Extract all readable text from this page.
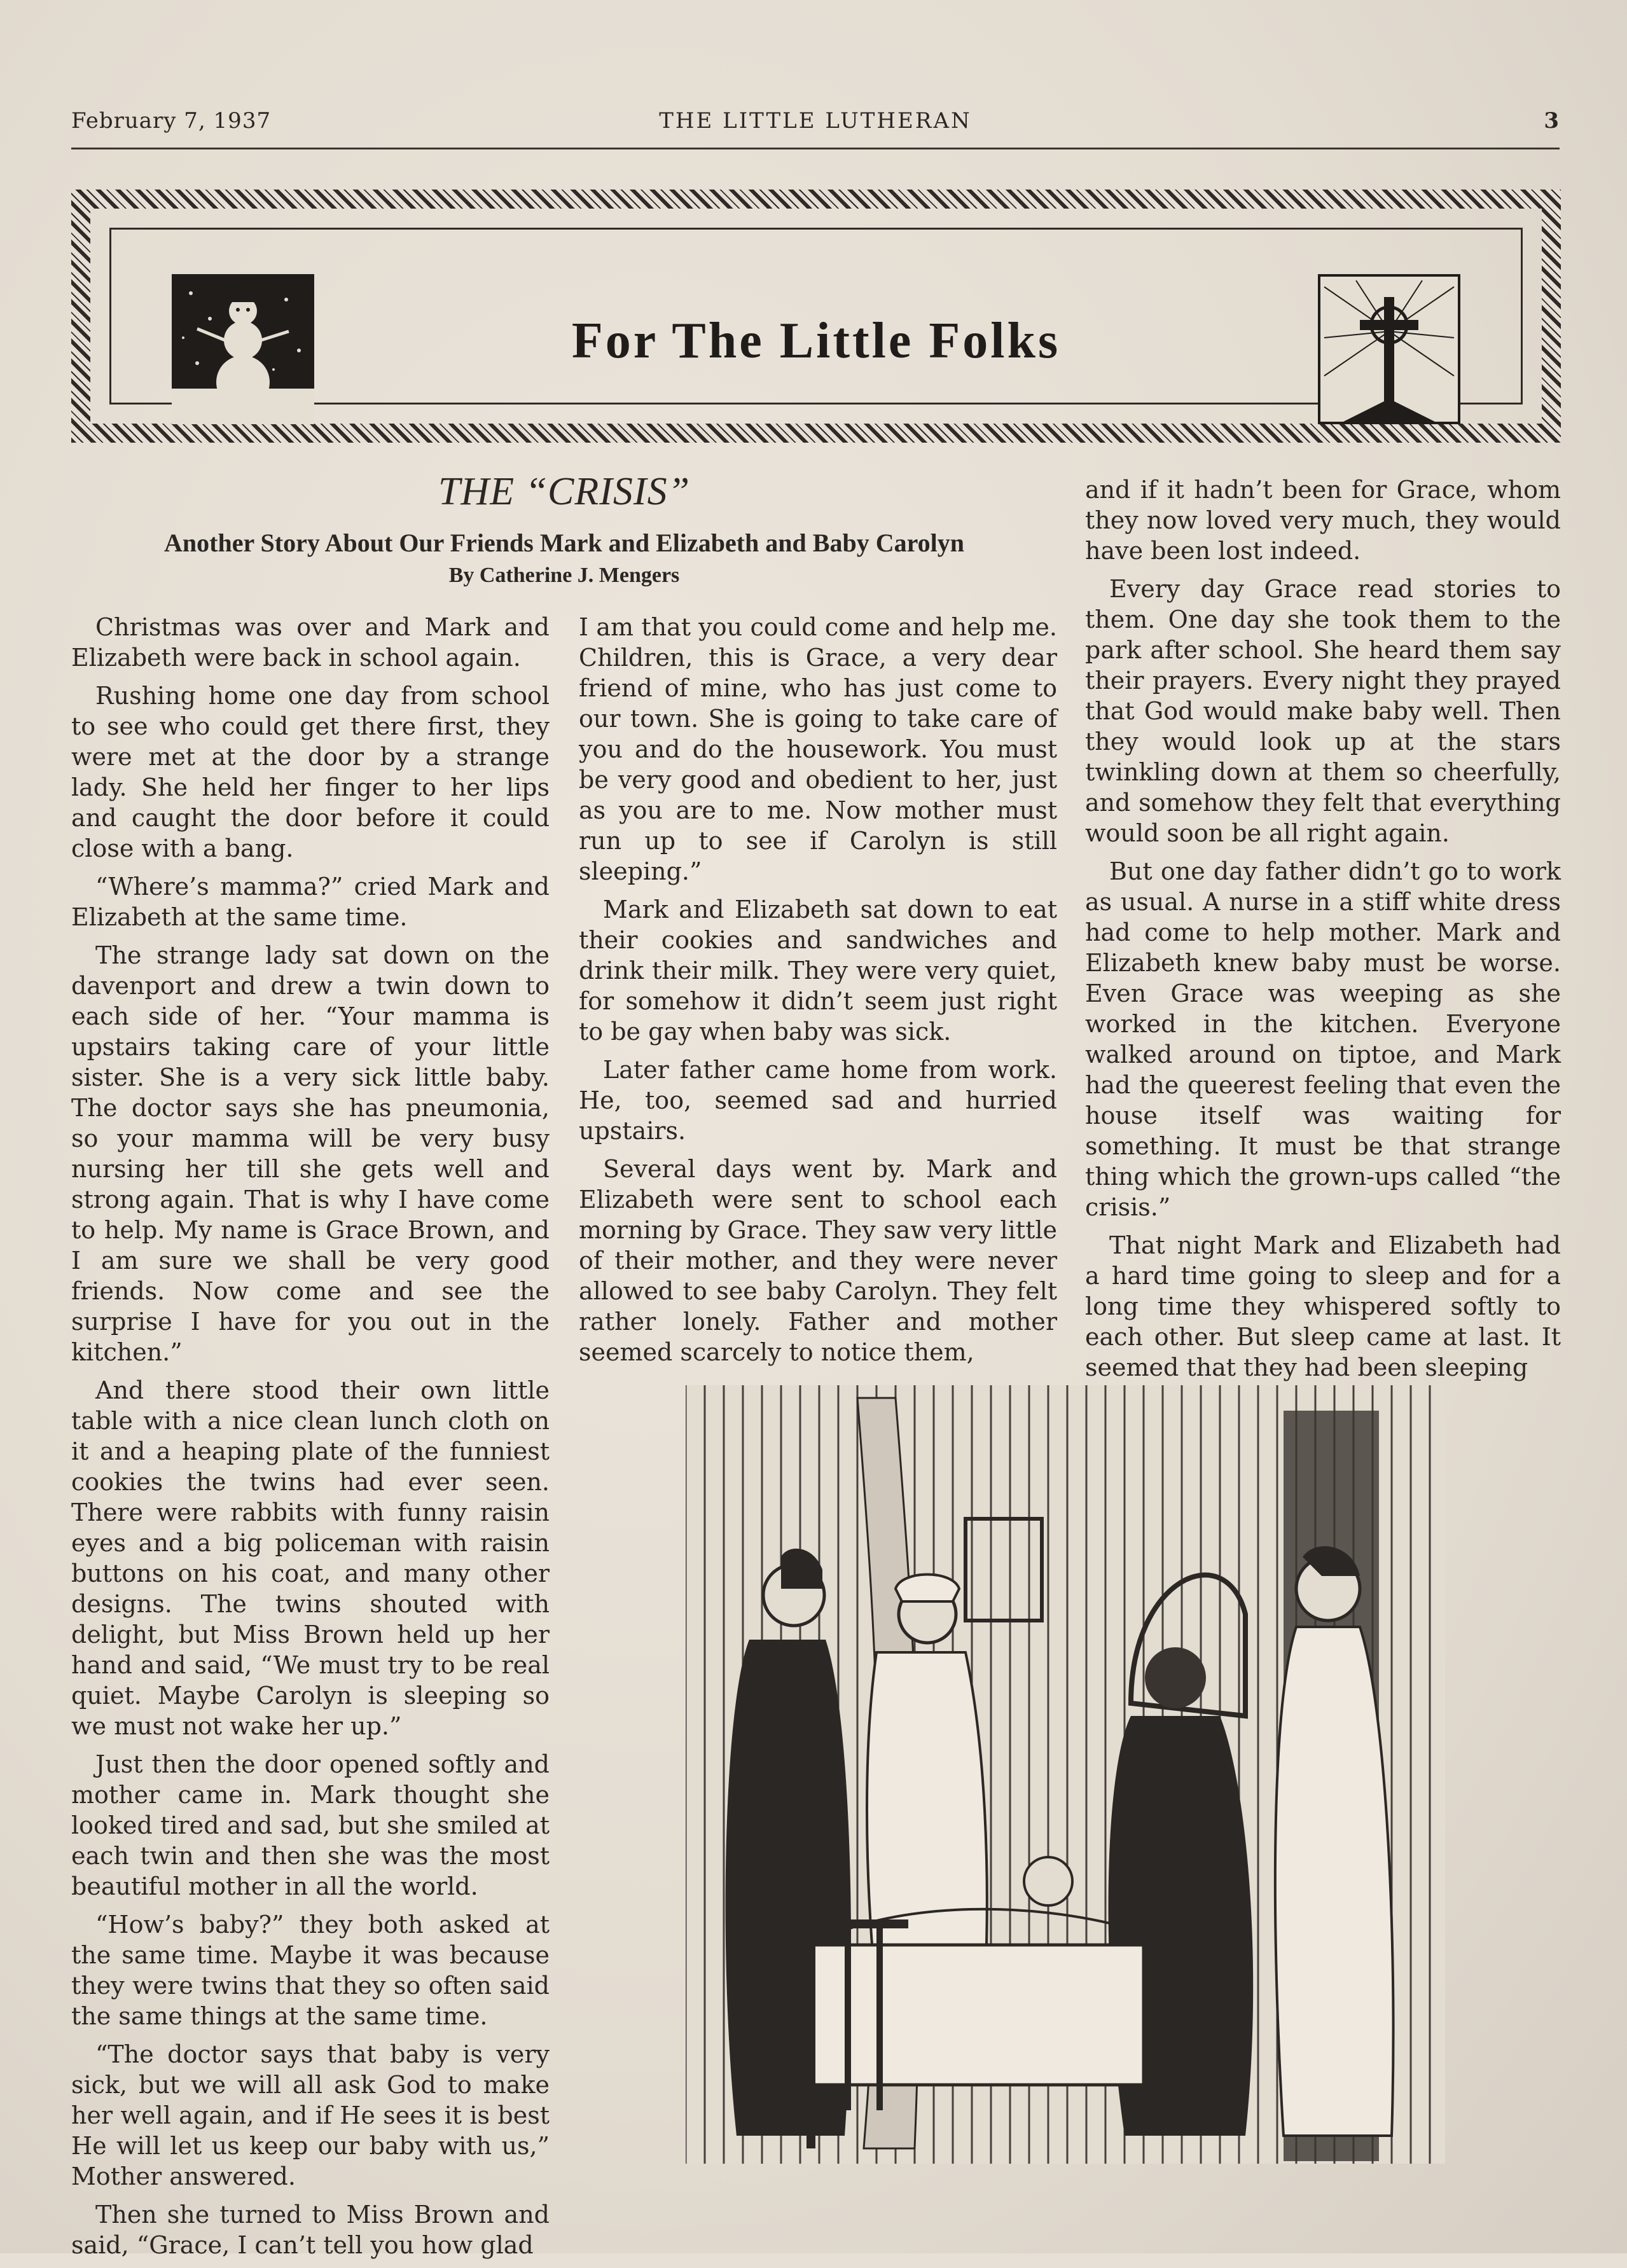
February 7, 1937	THE LITTLE LUTHERAN	3
For The Little Folks
THE “CRISIS”
Another Story About Our Friends Mark and Elizabeth and Baby Carolyn
By Catherine J. Mengers

Christmas was over and Mark and Elizabeth were back in school again.

Rushing home one day from school to see who could get there first, they were met at the door by a strange lady. She held her finger to her lips and caught the door before it could close with a bang.

“Where’s mamma?” cried Mark and Elizabeth at the same time.

The strange lady sat down on the davenport and drew a twin down to each side of her. “Your mamma is upstairs taking care of your little sister. She is a very sick little baby. The doctor says she has pneumonia, so your mamma will be very busy nursing her till she gets well and strong again. That is why I have come to help. My name is Grace Brown, and I am sure we shall be very good friends. Now come and see the surprise I have for you out in the kitchen.”

And there stood their own little table with a nice clean lunch cloth on it and a heaping plate of the funniest cookies the twins had ever seen. There were rabbits with funny raisin eyes and a big policeman with raisin buttons on his coat, and many other designs. The twins shouted with delight, but Miss Brown held up her hand and said, “We must try to be real quiet. Maybe Carolyn is sleeping so we must not wake her up.”

Just then the door opened softly and mother came in. Mark thought she looked tired and sad, but she smiled at each twin and then she was the most beautiful mother in all the world.

“How’s baby?” they both asked at the same time. Maybe it was because they were twins that they so often said the same things at the same time.

“The doctor says that baby is very sick, but we will all ask God to make her well again, and if He sees it is best He will let us keep our baby with us,” Mother answered.

Then she turned to Miss Brown and said, “Grace, I can’t tell you how glad

I am that you could come and help me. Children, this is Grace, a very dear friend of mine, who has just come to our town. She is going to take care of you and do the housework. You must be very good and obedient to her, just as you are to me. Now mother must run up to see if Carolyn is still sleeping.”

Mark and Elizabeth sat down to eat their cookies and sandwiches and drink their milk. They were very quiet, for somehow it didn’t seem just right to be gay when baby was sick.

Later father came home from work. He, too, seemed sad and hurried upstairs.

Several days went by. Mark and Elizabeth were sent to school each morning by Grace. They saw very little of their mother, and they were never allowed to see baby Carolyn. They felt rather lonely. Father and mother seemed scarcely to notice them,

and if it hadn’t been for Grace, whom they now loved very much, they would have been lost indeed.

Every day Grace read stories to them. One day she took them to the park after school. She heard them say their prayers. Every night they prayed that God would make baby well. Then they would look up at the stars twinkling down at them so cheerfully, and somehow they felt that everything would soon be all right again.

But one day father didn’t go to work as usual. A nurse in a stiff white dress had come to help mother. Mark and Elizabeth knew baby must be worse. Even Grace was weeping as she worked in the kitchen. Everyone walked around on tiptoe, and Mark had the queerest feeling that even the house itself was waiting for something. It must be that strange thing which the grown-ups called “the crisis.”

That night Mark and Elizabeth had a hard time going to sleep and for a long time they whispered softly to each other. But sleep came at last. It seemed that they had been sleeping
